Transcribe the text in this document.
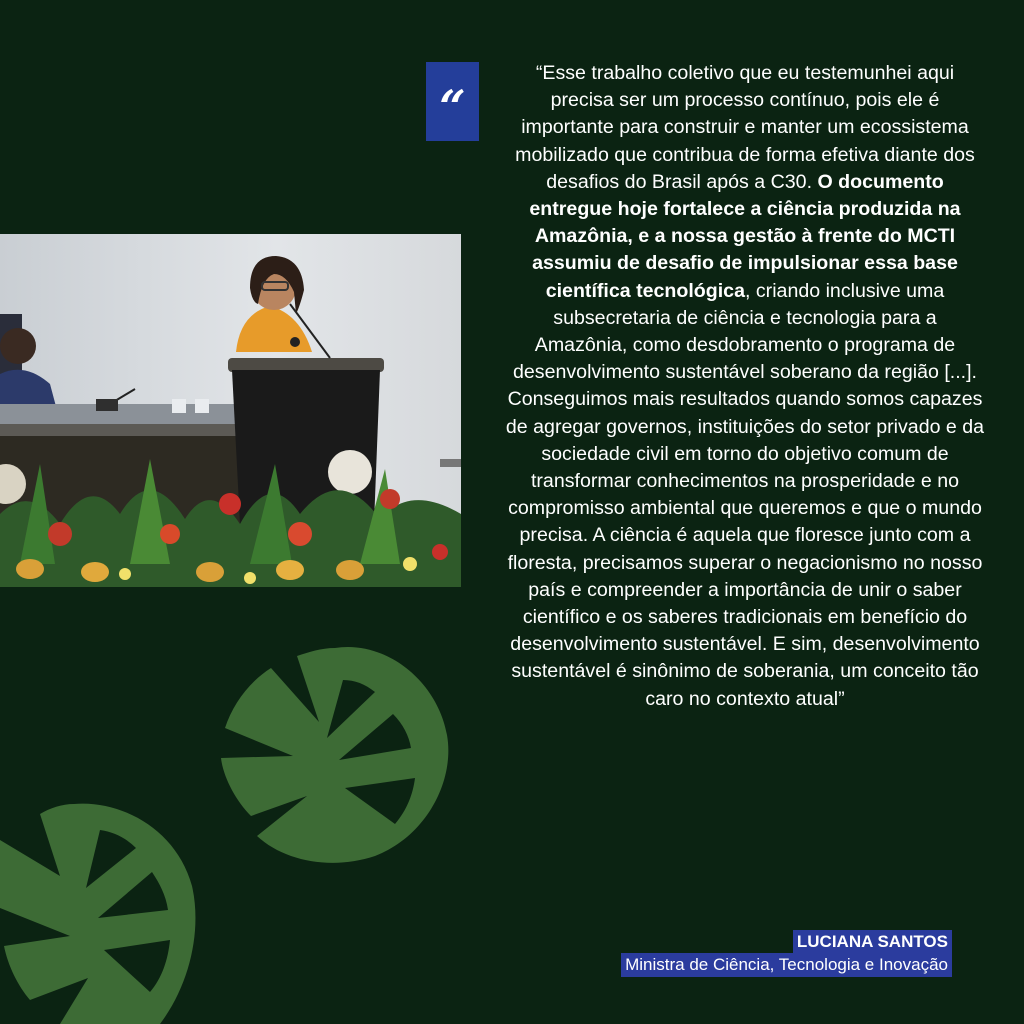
“
“Esse trabalho coletivo que eu testemunhei aqui precisa ser um processo contínuo, pois ele é importante para construir e manter um ecossistema mobilizado que contribua de forma efetiva diante dos desafios do Brasil após a C30. O documento entregue hoje fortalece a ciência produzida na Amazônia, e a nossa gestão à frente do MCTI assumiu de desafio de impulsionar essa base científica tecnológica, criando inclusive uma subsecretaria de ciência e tecnologia para a Amazônia, como desdobramento o programa de desenvolvimento sustentável soberano da região [...]. Conseguimos mais resultados quando somos capazes de agregar governos, instituições do setor privado e da sociedade civil em torno do objetivo comum de transformar conhecimentos na prosperidade e no compromisso ambiental que queremos e que o mundo precisa. A ciência é aquela que floresce junto com a floresta, precisamos superar o negacionismo no nosso país e compreender a importância de unir o saber científico e os saberes tradicionais em benefício do desenvolvimento sustentável. E sim, desenvolvimento sustentável é sinônimo de soberania, um conceito tão caro no contexto atual”
LUCIANA SANTOS
Ministra de Ciência, Tecnologia e Inovação
